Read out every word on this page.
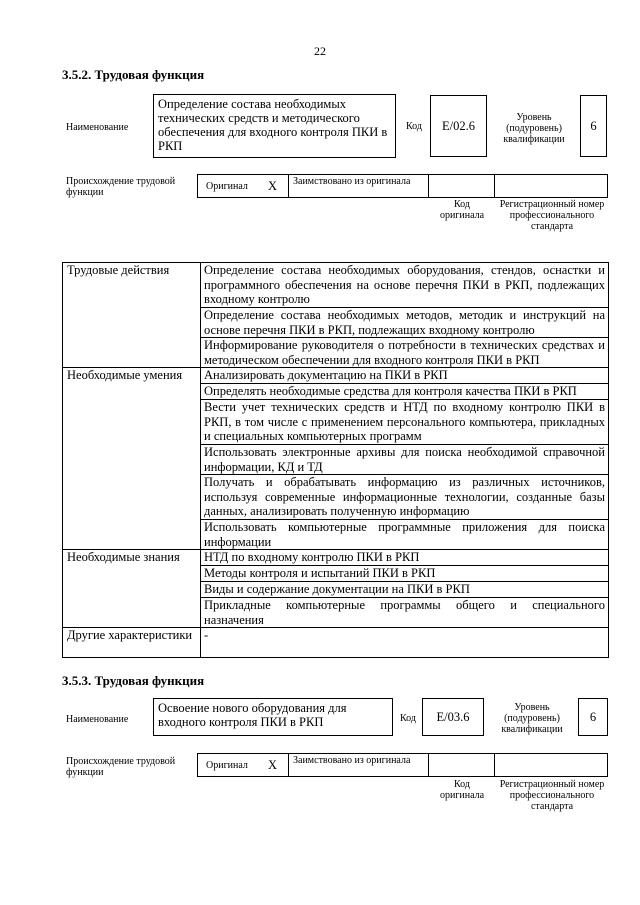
22
3.5.2. Трудовая функция
Наименование
Определение состава необходимых технических средств и методического обеспечения для входного контроля ПКИ в РКП
Код E/02.6
Уровень (подуровень) квалификации
6
Происхождение трудовой функции
Оригинал X Заимствовано из оригинала
Код оригинала
Регистрационный номер профессионального стандарта
Трудовые действия	Определение состава необходимых оборудования, стендов, оснастки и программного обеспечения на основе перечня ПКИ в РКП, подлежащих входному контролю
	Определение состава необходимых методов, методик и инструкций на основе перечня ПКИ в РКП, подлежащих входному контролю
	Информирование руководителя о потребности в технических средствах и методическом обеспечении для входного контроля ПКИ в РКП
Необходимые умения	Анализировать документацию на ПКИ в РКП
	Определять необходимые средства для контроля качества ПКИ в РКП
	Вести учет технических средств и НТД по входному контролю ПКИ в РКП, в том числе с применением персонального компьютера, прикладных и специальных компьютерных программ
	Использовать электронные архивы для поиска необходимой справочной информации, КД и ТД
	Получать и обрабатывать информацию из различных источников, используя современные информационные технологии, созданные базы данных, анализировать полученную информацию
	Использовать компьютерные программные приложения для поиска информации
Необходимые знания	НТД по входному контролю ПКИ в РКП
	Методы контроля и испытаний ПКИ в РКП
	Виды и содержание документации на ПКИ в РКП
	Прикладные компьютерные программы общего и специального назначения
Другие характеристики	-
3.5.3. Трудовая функция
Наименование
Освоение нового оборудования для входного контроля ПКИ в РКП	Код E/03.6
Уровень (подуровень) квалификации
6
Происхождение трудовой функции
Оригинал X Заимствовано из оригинала
Код оригинала
Регистрационный номер профессионального стандарта
